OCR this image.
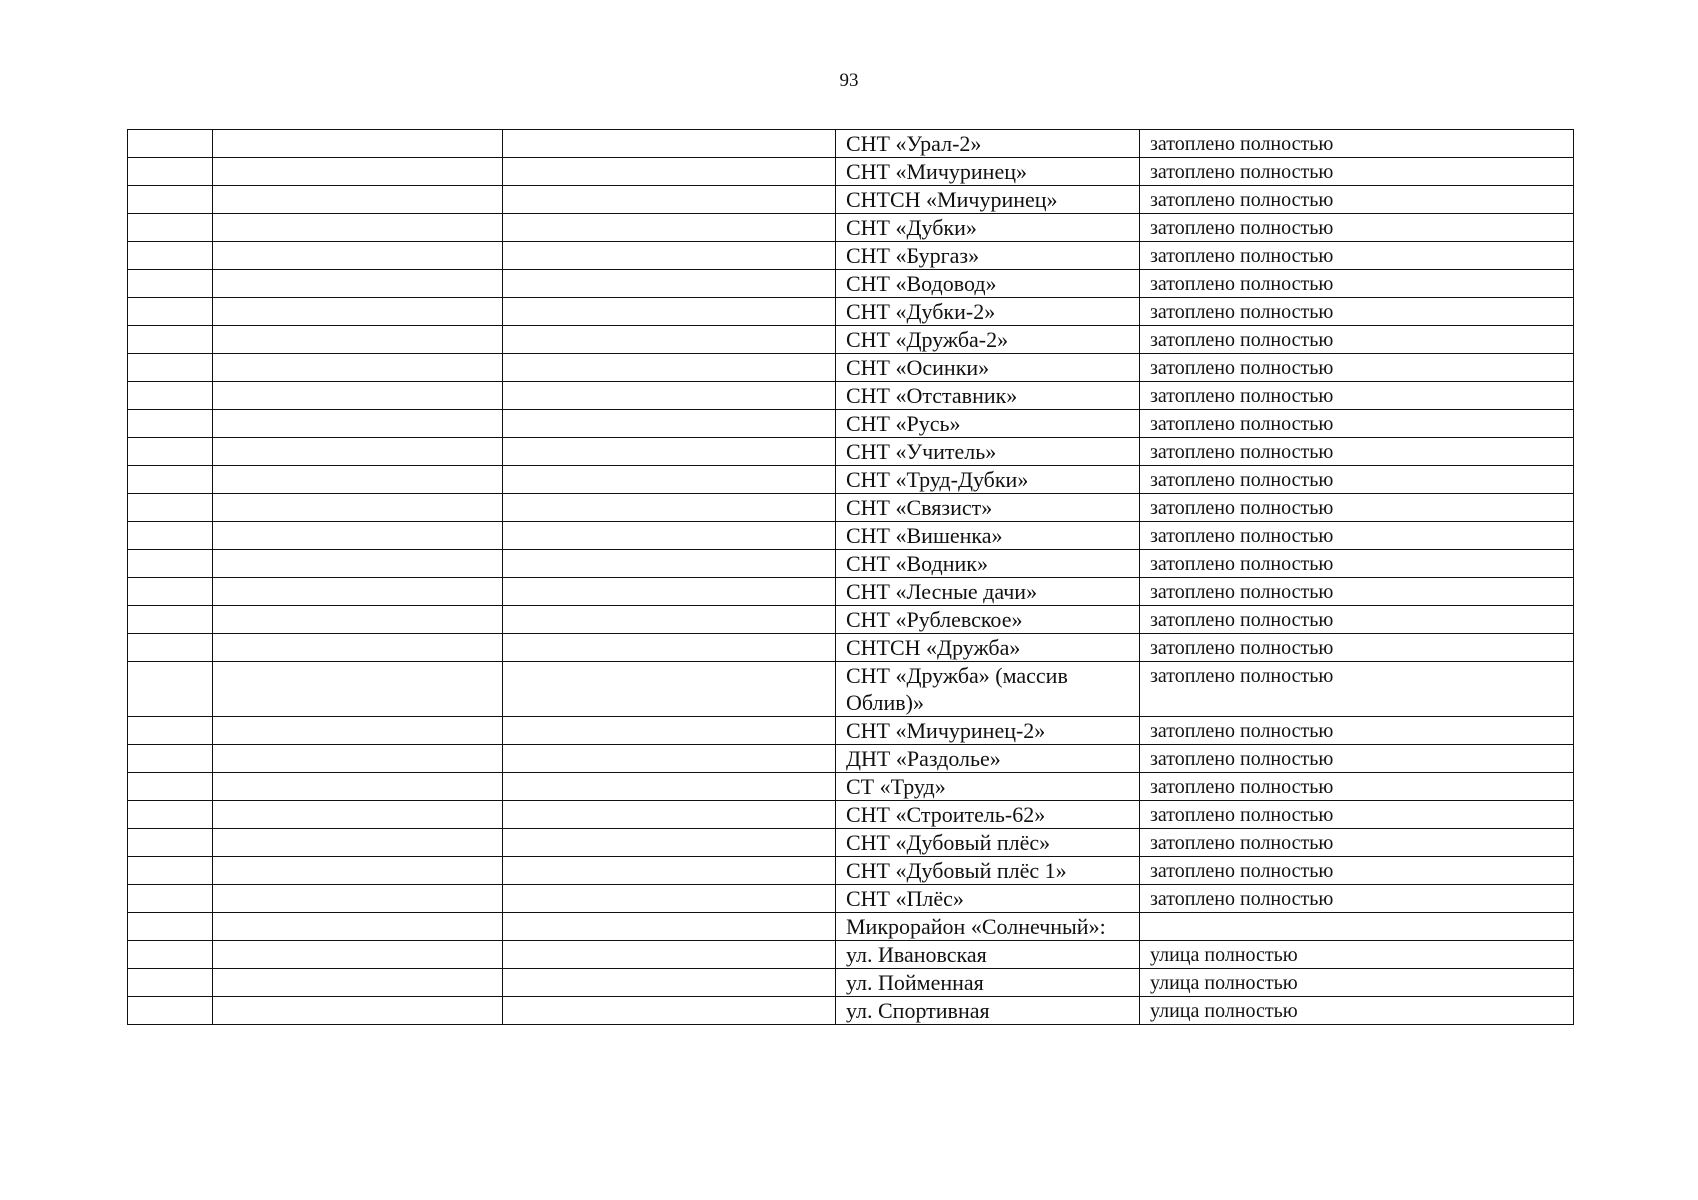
93
			СНТ «Урал-2»	затоплено полностью
			СНТ «Мичуринец»	затоплено полностью
			СНТСН «Мичуринец»	затоплено полностью
			СНТ «Дубки»	затоплено полностью
			СНТ «Бургаз»	затоплено полностью
			СНТ «Водовод»	затоплено полностью
			СНТ «Дубки-2»	затоплено полностью
			СНТ «Дружба-2»	затоплено полностью
			СНТ «Осинки»	затоплено полностью
			СНТ «Отставник»	затоплено полностью
			СНТ «Русь»	затоплено полностью
			СНТ «Учитель»	затоплено полностью
			СНТ «Труд-Дубки»	затоплено полностью
			СНТ «Связист»	затоплено полностью
			СНТ «Вишенка»	затоплено полностью
			СНТ «Водник»	затоплено полностью
			СНТ «Лесные дачи»	затоплено полностью
			СНТ «Рублевское»	затоплено полностью
			СНТСН «Дружба»	затоплено полностью
			СНТ «Дружба» (массив Облив)»	затоплено полностью
			СНТ «Мичуринец-2»	затоплено полностью
			ДНТ «Раздолье»	затоплено полностью
			СТ «Труд»	затоплено полностью
			СНТ «Строитель-62»	затоплено полностью
			СНТ «Дубовый плёс»	затоплено полностью
			СНТ «Дубовый плёс 1»	затоплено полностью
			СНТ «Плёс»	затоплено полностью
			Микрорайон «Солнечный»:	
			ул. Ивановская	улица полностью
			ул. Пойменная	улица полностью
			ул. Спортивная	улица полностью
